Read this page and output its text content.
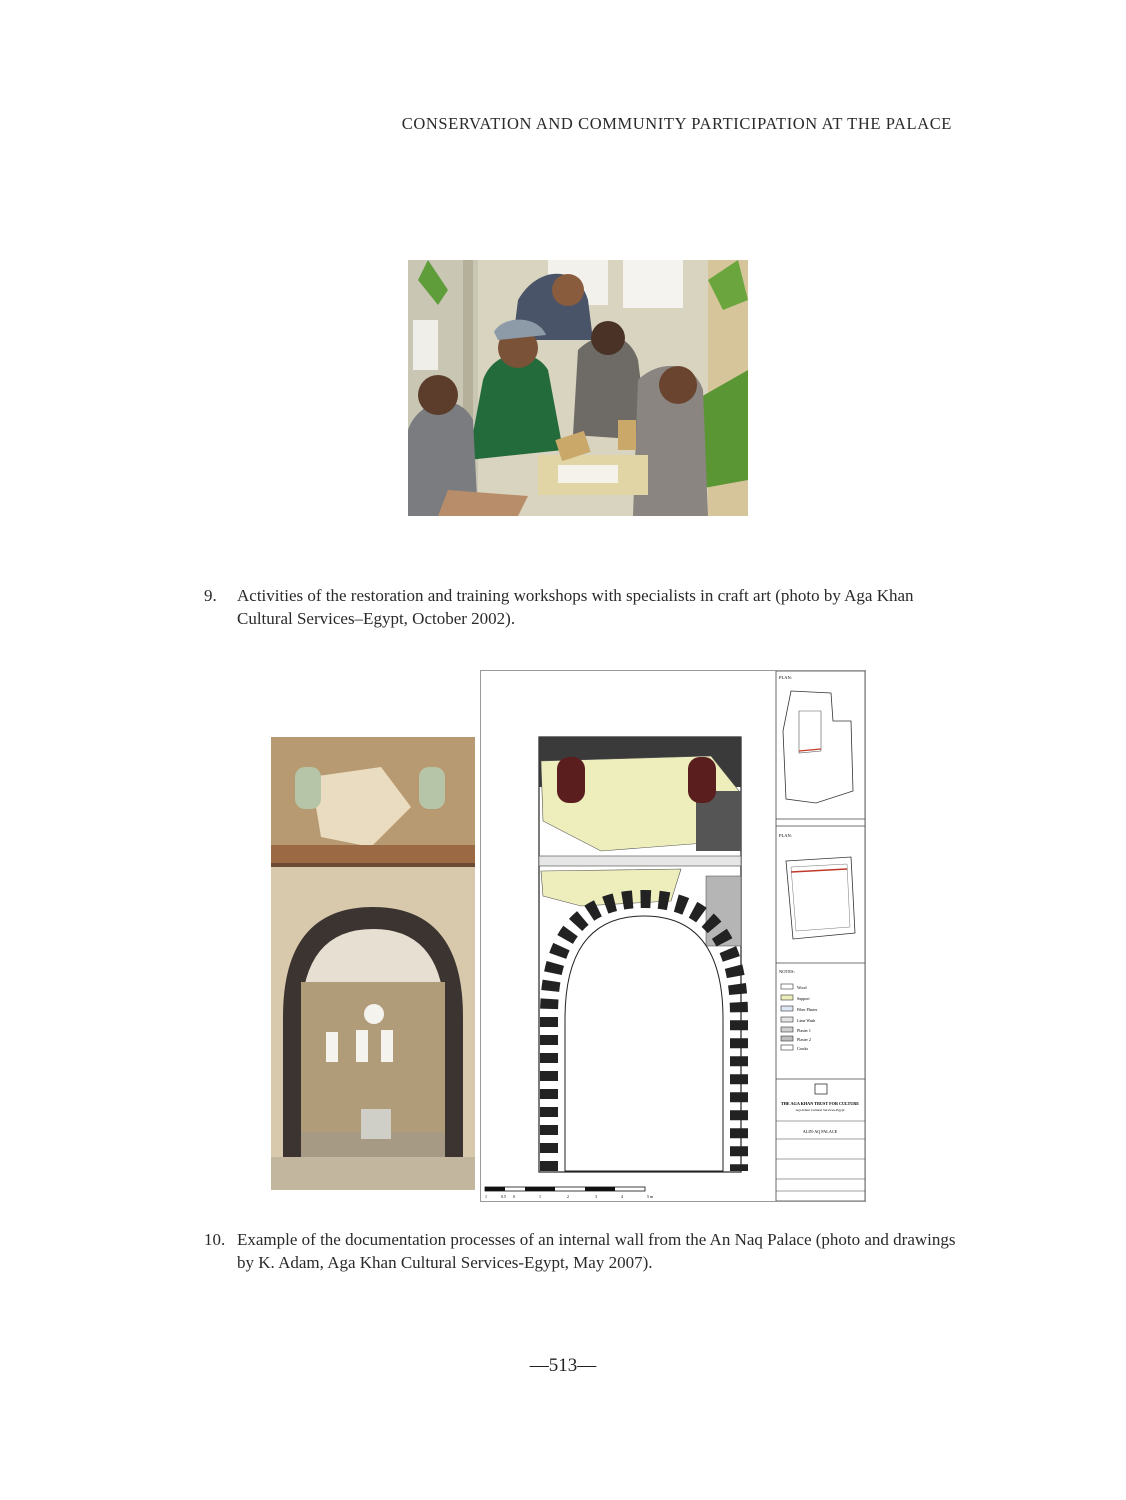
CONSERVATION AND COMMUNITY PARTICIPATION AT THE PALACE
9. Activities of the restoration and training workshops with specialists in craft art (photo by Aga Khan Cultural Services–Egypt, October 2002).
PLAN:
PLAN:
NOTES:
Wood
Support
Fiber Plaster
Lime Wash
Plaster 1
Plaster 2
Cracks
THE AGA KHAN TRUST FOR CULTURE
Aga Khan Cultural Services-Egypt
ALIN-AQ PALACE
1	0.5 0	1	2	3	4	5 m
10. Example of the documentation processes of an internal wall from the An Naq Palace (photo and drawings by K. Adam, Aga Khan Cultural Services-Egypt, May 2007).
—513—
